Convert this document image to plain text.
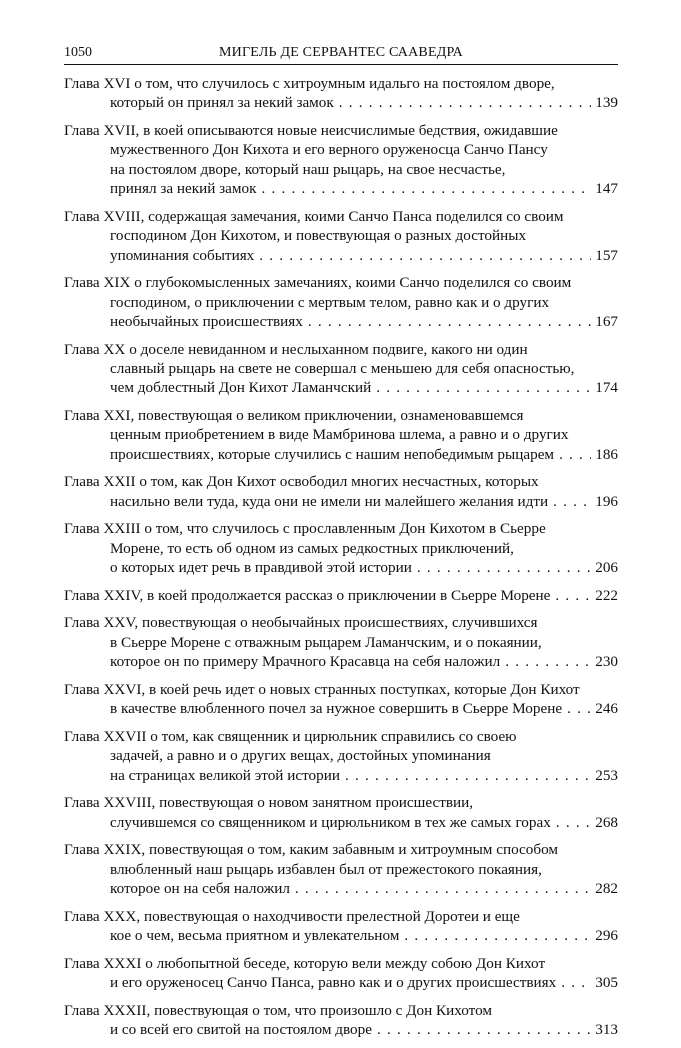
1050	МИГЕЛЬ ДЕ СЕРВАНТЕС СААВЕДРА
Глава XVI о том, что случилось с хитроумным идальго на постоялом дворе,
который он принял за некий замок . . .	139
Глава XVII, в коей описываются новые неисчислимые бедствия, ожидавшие
мужественного Дон Кихота и его верного оруженосца Санчо Пансу
на постоялом дворе, который наш рыцарь, на свое несчастье,
принял за некий замок . . .	147
Глава XVIII, содержащая замечания, коими Санчо Панса поделился со своим
господином Дон Кихотом, и повествующая о разных достойных
упоминания событиях . . .	157
Глава XIX о глубокомысленных замечаниях, коими Санчо поделился со своим
господином, о приключении с мертвым телом, равно как и о других
необычайных происшествиях . . .	167
Глава XX о доселе невиданном и неслыханном подвиге, какого ни один
славный рыцарь на свете не совершал с меньшею для себя опасностью,
чем доблестный Дон Кихот Ламанчский . . .	174
Глава XXI, повествующая о великом приключении, ознаменовавшемся
ценным приобретением в виде Мамбринова шлема, а равно и о других
происшествиях, которые случились с нашим непобедимым рыцарем . . .	186
Глава XXII о том, как Дон Кихот освободил многих несчастных, которых
насильно вели туда, куда они не имели ни малейшего желания идти . . .	196
Глава XXIII о том, что случилось с прославленным Дон Кихотом в Сьерре
Морене, то есть об одном из самых редкостных приключений,
о которых идет речь в правдивой этой истории . . .	206
Глава XXIV, в коей продолжается рассказ о приключении в Сьерре Морене . . .	222
Глава XXV, повествующая о необычайных происшествиях, случившихся
в Сьерре Морене с отважным рыцарем Ламанчским, и о покаянии,
которое он по примеру Мрачного Красавца на себя наложил . . .	230
Глава XXVI, в коей речь идет о новых странных поступках, которые Дон Кихот
в качестве влюбленного почел за нужное совершить в Сьерре Морене . . . 246
Глава XXVII о том, как священник и цирюльник справились со своею
задачей, а равно и о других вещах, достойных упоминания
на страницах великой этой истории . . .	253
Глава XXVIII, повествующая о новом занятном происшествии,
случившемся со священником и цирюльником в тех же самых горах . . .	268
Глава XXIX, повествующая о том, каким забавным и хитроумным способом
влюбленный наш рыцарь избавлен был от прежестокого покаяния,
которое он на себя наложил . . .	282
Глава XXX, повествующая о находчивости прелестной Доротеи и еще
кое о чем, весьма приятном и увлекательном . . .	296
Глава XXXI о любопытной беседе, которую вели между собою Дон Кихот
и его оруженосец Санчо Панса, равно как и о других происшествиях . . .	305
Глава XXXII, повествующая о том, что произошло с Дон Кихотом
и со всей его свитой на постоялом дворе . . .	313
